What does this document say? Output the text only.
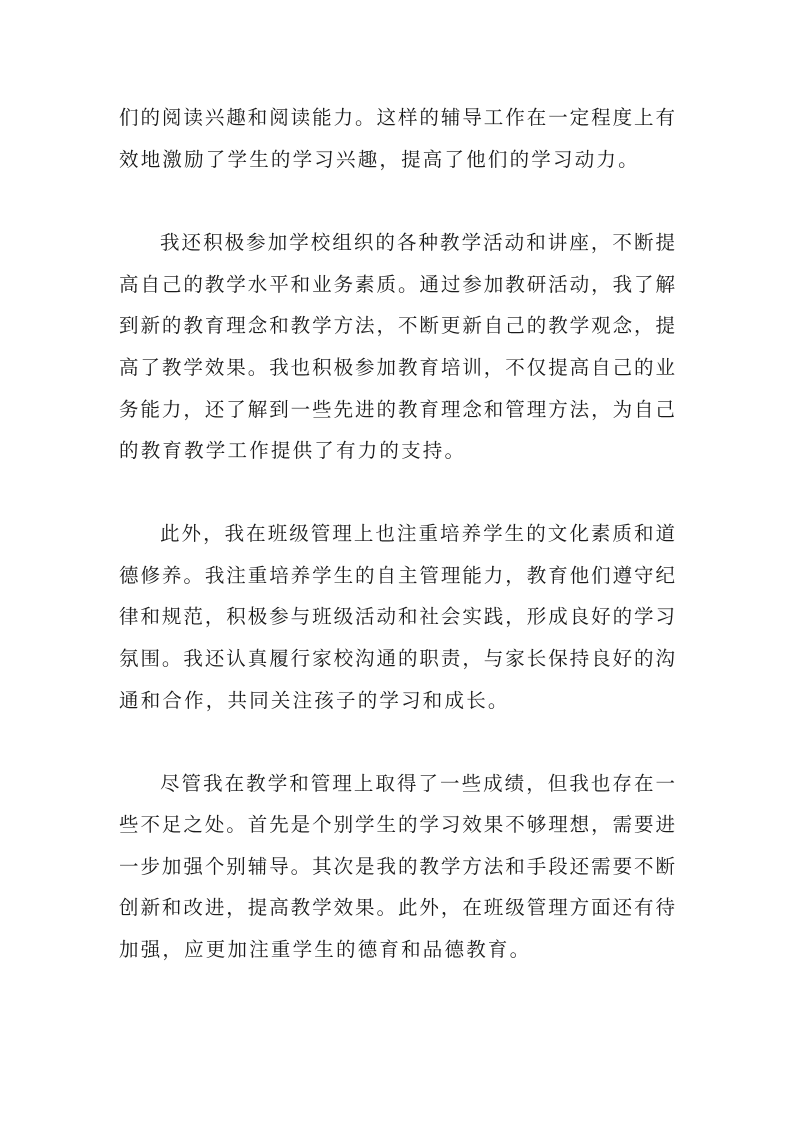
们的阅读兴趣和阅读能力。这样的辅导工作在一定程度上有
效地激励了学生的学习兴趣，提高了他们的学习动力。
我还积极参加学校组织的各种教学活动和讲座，不断提
高自己的教学水平和业务素质。通过参加教研活动，我了解
到新的教育理念和教学方法，不断更新自己的教学观念，提
高了教学效果。我也积极参加教育培训，不仅提高自己的业
务能力，还了解到一些先进的教育理念和管理方法，为自己
的教育教学工作提供了有力的支持。
此外，我在班级管理上也注重培养学生的文化素质和道
德修养。我注重培养学生的自主管理能力，教育他们遵守纪
律和规范，积极参与班级活动和社会实践，形成良好的学习
氛围。我还认真履行家校沟通的职责，与家长保持良好的沟
通和合作，共同关注孩子的学习和成长。
尽管我在教学和管理上取得了一些成绩，但我也存在一
些不足之处。首先是个别学生的学习效果不够理想，需要进
一步加强个别辅导。其次是我的教学方法和手段还需要不断
创新和改进，提高教学效果。此外，在班级管理方面还有待
加强，应更加注重学生的德育和品德教育。
